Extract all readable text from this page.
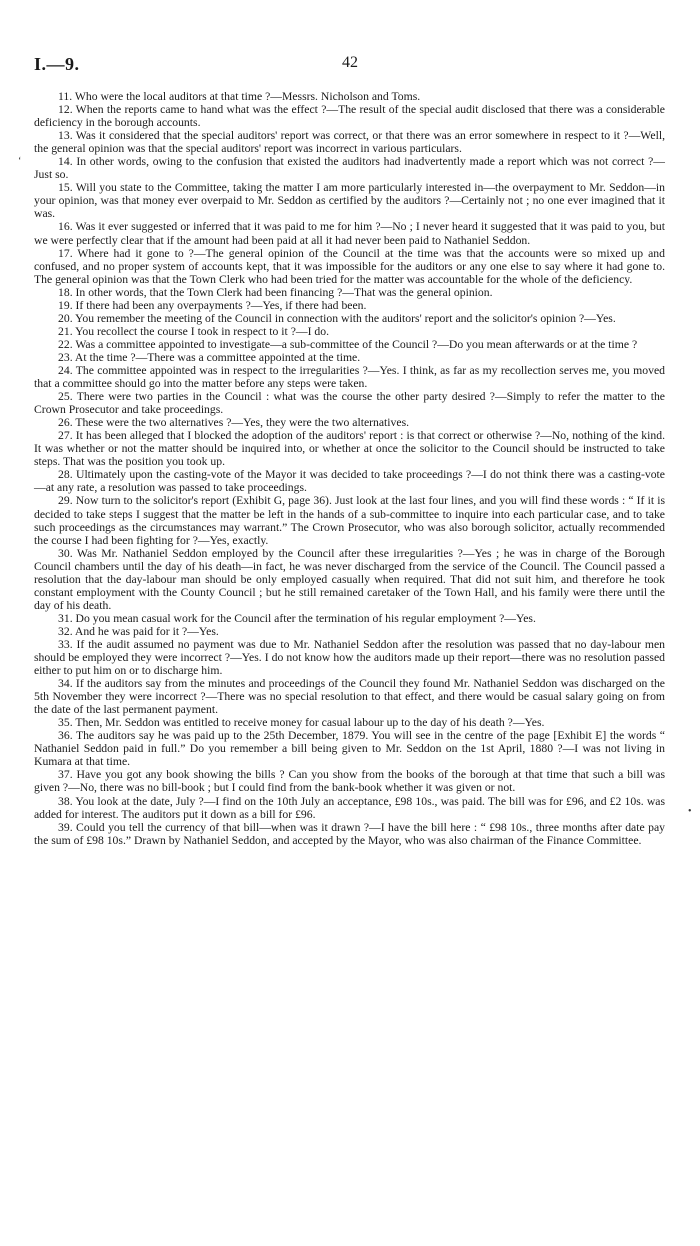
I.—9.	42
‘
•

11. Who were the local auditors at that time ?—Messrs. Nicholson and Toms.

12. When the reports came to hand what was the effect ?—The result of the special audit disclosed that there was a considerable deficiency in the borough accounts.

13. Was it considered that the special auditors' report was correct, or that there was an error somewhere in respect to it ?—Well, the general opinion was that the special auditors' report was incorrect in various particulars.

14. In other words, owing to the confusion that existed the auditors had inadvertently made a report which was not correct ?—Just so.

15. Will you state to the Committee, taking the matter I am more particularly interested in—the overpayment to Mr. Seddon—in your opinion, was that money ever overpaid to Mr. Seddon as certified by the auditors ?—Certainly not ; no one ever imagined that it was.

16. Was it ever suggested or inferred that it was paid to me for him ?—No ; I never heard it suggested that it was paid to you, but we were perfectly clear that if the amount had been paid at all it had never been paid to Nathaniel Seddon.

17. Where had it gone to ?—The general opinion of the Council at the time was that the accounts were so mixed up and confused, and no proper system of accounts kept, that it was impossible for the auditors or any one else to say where it had gone to. The general opinion was that the Town Clerk who had been tried for the matter was accountable for the whole of the deficiency.

18. In other words, that the Town Clerk had been financing ?—That was the general opinion.

19. If there had been any overpayments ?—Yes, if there had been.

20. You remember the meeting of the Council in connection with the auditors' report and the solicitor's opinion ?—Yes.

21. You recollect the course I took in respect to it ?—I do.

22. Was a committee appointed to investigate—a sub-committee of the Council ?—Do you mean afterwards or at the time ?

23. At the time ?—There was a committee appointed at the time.

24. The committee appointed was in respect to the irregularities ?—Yes. I think, as far as my recollection serves me, you moved that a committee should go into the matter before any steps were taken.

25. There were two parties in the Council : what was the course the other party desired ?—Simply to refer the matter to the Crown Prosecutor and take proceedings.

26. These were the two alternatives ?—Yes, they were the two alternatives.

27. It has been alleged that I blocked the adoption of the auditors' report : is that correct or otherwise ?—No, nothing of the kind. It was whether or not the matter should be inquired into, or whether at once the solicitor to the Council should be instructed to take steps. That was the position you took up.

28. Ultimately upon the casting-vote of the Mayor it was decided to take proceedings ?—I do not think there was a casting-vote—at any rate, a resolution was passed to take proceedings.

29. Now turn to the solicitor's report (Exhibit G, page 36). Just look at the last four lines, and you will find these words : “ If it is decided to take steps I suggest that the matter be left in the hands of a sub-committee to inquire into each particular case, and to take such proceedings as the circumstances may warrant.” The Crown Prosecutor, who was also borough solicitor, actually recommended the course I had been fighting for ?—Yes, exactly.

30. Was Mr. Nathaniel Seddon employed by the Council after these irregularities ?—Yes ; he was in charge of the Borough Council chambers until the day of his death—in fact, he was never discharged from the service of the Council. The Council passed a resolution that the day-labour man should be only employed casually when required. That did not suit him, and therefore he took constant employment with the County Council ; but he still remained caretaker of the Town Hall, and his family were there until the day of his death.

31. Do you mean casual work for the Council after the termination of his regular employment ?—Yes.

32. And he was paid for it ?—Yes.

33. If the audit assumed no payment was due to Mr. Nathaniel Seddon after the resolution was passed that no day-labour men should be employed they were incorrect ?—Yes. I do not know how the auditors made up their report—there was no resolution passed either to put him on or to discharge him.

34. If the auditors say from the minutes and proceedings of the Council they found Mr. Nathaniel Seddon was discharged on the 5th November they were incorrect ?—There was no special resolution to that effect, and there would be casual salary going on from the date of the last permanent payment.

35. Then, Mr. Seddon was entitled to receive money for casual labour up to the day of his death ?—Yes.

36. The auditors say he was paid up to the 25th December, 1879. You will see in the centre of the page [Exhibit E] the words “ Nathaniel Seddon paid in full.” Do you remember a bill being given to Mr. Seddon on the 1st April, 1880 ?—I was not living in Kumara at that time.

37. Have you got any book showing the bills ? Can you show from the books of the borough at that time that such a bill was given ?—No, there was no bill-book ; but I could find from the bank-book whether it was given or not.

38. You look at the date, July ?—I find on the 10th July an acceptance, £98 10s., was paid. The bill was for £96, and £2 10s. was added for interest. The auditors put it down as a bill for £96.

39. Could you tell the currency of that bill—when was it drawn ?—I have the bill here : “ £98 10s., three months after date pay the sum of £98 10s.” Drawn by Nathaniel Seddon, and accepted by the Mayor, who was also chairman of the Finance Committee.
